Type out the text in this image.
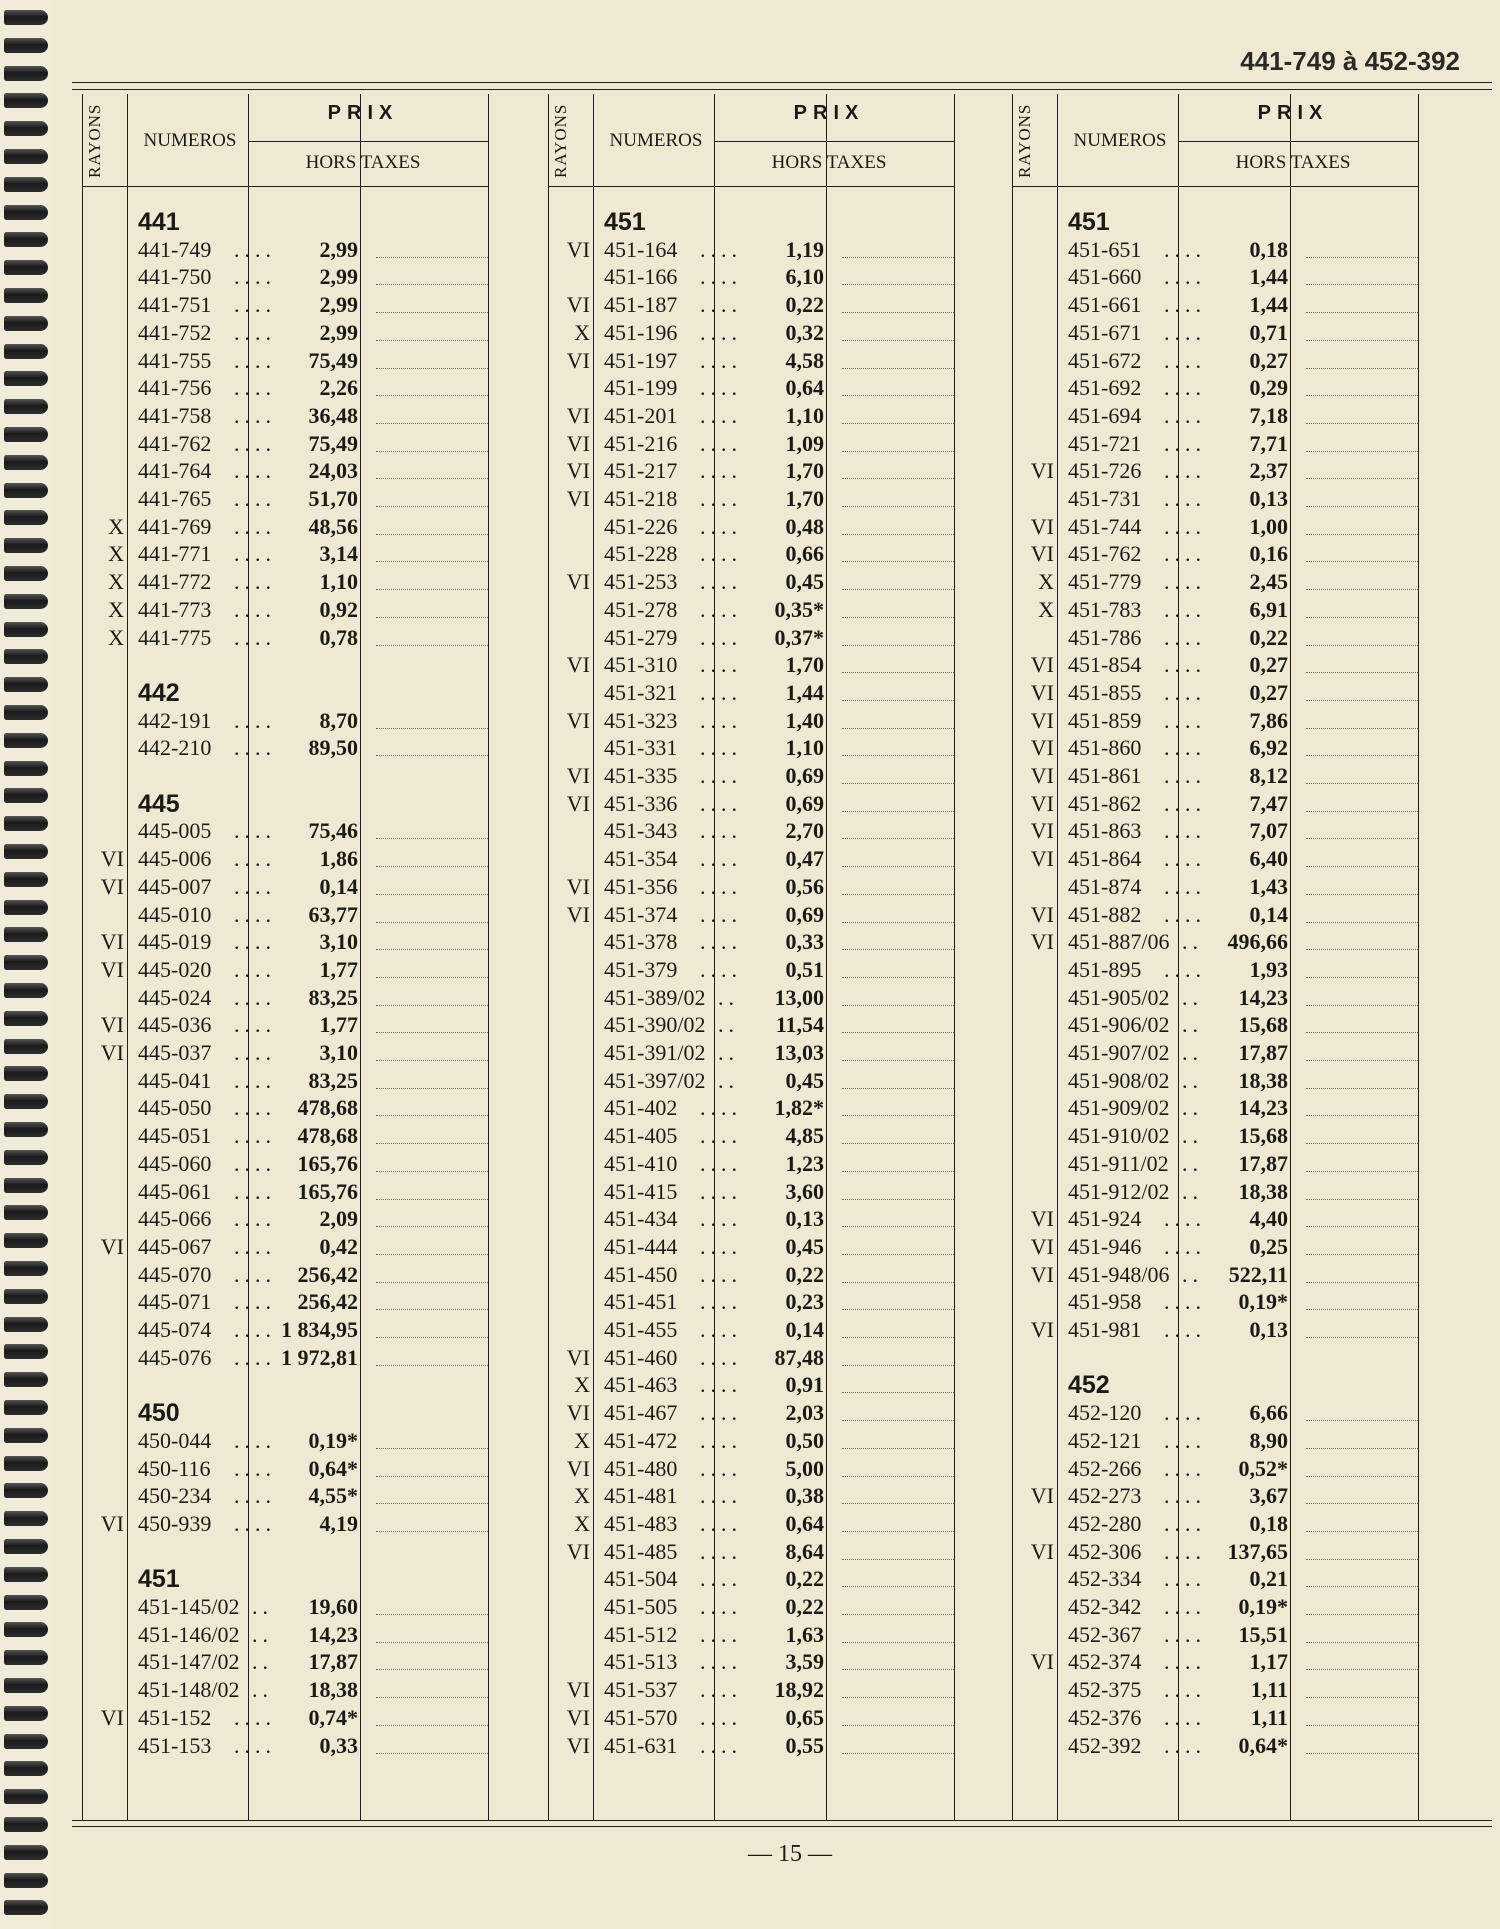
441-749 à 452-392
RAYONS	NUMEROS
PRIX
HORS TAXES
441
441-749 ....	2,99
441-750 ....	2,99
441-751 ....	2,99
441-752 ....	2,99
441-755 ....	75,49
441-756 ....	2,26
441-758 ....	36,48
441-762 ....	75,49
441-764 ....	24,03
441-765 ....	51,70
X 441-769 ....	48,56
X 441-771 ....	3,14
X 441-772 ....	1,10
X 441-773 ....	0,92
X 441-775 ....	0,78
442
442-191 ....	8,70
442-210 ....	89,50
445
445-005 ....	75,46
VI 445-006 ....	1,86
VI 445-007 ....	0,14
445-010 ....	63,77
VI 445-019 ....	3,10
VI 445-020 ....	1,77
445-024 ....	83,25
VI 445-036 ....	1,77
VI 445-037 ....	3,10
445-041 ....	83,25
445-050 .... 478,68
445-051 .... 478,68
445-060 .... 165,76
445-061 .... 165,76
445-066 ....	2,09
VI 445-067 ....	0,42
445-070 .... 256,42
445-071 .... 256,42
445-074 .... 1 834,95
445-076 .... 1 972,81
450
450-044 ....	0,19*
450-116 ....	0,64*
450-234 ....	4,55*
VI 450-939 ....	4,19
451
451-145/02 ..	19,60
451-146/02 ..	14,23
451-147/02 ..	17,87
451-148/02 ..	18,38
VI 451-152 ....	0,74*
451-153 ....	0,33
RAYONS	NUMEROS
PRIX
HORS TAXES
451
VI 451-164 ....	1,19
451-166 ....	6,10
VI 451-187 ....	0,22
X 451-196 ....	0,32
VI 451-197 ....	4,58
451-199 ....	0,64
VI 451-201 ....	1,10
VI 451-216 ....	1,09
VI 451-217 ....	1,70
VI 451-218 ....	1,70
451-226 ....	0,48
451-228 ....	0,66
VI 451-253 ....	0,45
451-278 ....	0,35*
451-279 ....	0,37*
VI 451-310 ....	1,70
451-321 ....	1,44
VI 451-323 ....	1,40
451-331 ....	1,10
VI 451-335 ....	0,69
VI 451-336 ....	0,69
451-343 ....	2,70
451-354 ....	0,47
VI 451-356 ....	0,56
VI 451-374 ....	0,69
451-378 ....	0,33
451-379 ....	0,51
451-389/02 ..	13,00
451-390/02 ..	11,54
451-391/02 ..	13,03
451-397/02 ..	0,45
451-402 ....	1,82*
451-405 ....	4,85
451-410 ....	1,23
451-415 ....	3,60
451-434 ....	0,13
451-444 ....	0,45
451-450 ....	0,22
451-451 ....	0,23
451-455 ....	0,14
VI 451-460 ....	87,48
X 451-463 ....	0,91
VI 451-467 ....	2,03
X 451-472 ....	0,50
VI 451-480 ....	5,00
X 451-481 ....	0,38
X 451-483 ....	0,64
VI 451-485 ....	8,64
451-504 ....	0,22
451-505 ....	0,22
451-512 ....	1,63
451-513 ....	3,59
VI 451-537 ....	18,92
VI 451-570 ....	0,65
VI 451-631 ....	0,55
RAYONS	NUMEROS
PRIX
HORS TAXES
451
451-651 ....	0,18
451-660 ....	1,44
451-661 ....	1,44
451-671 ....	0,71
451-672 ....	0,27
451-692 ....	0,29
451-694 ....	7,18
451-721 ....	7,71
VI 451-726 ....	2,37
451-731 ....	0,13
VI 451-744 ....	1,00
VI 451-762 ....	0,16
X 451-779 ....	2,45
X 451-783 ....	6,91
451-786 ....	0,22
VI 451-854 ....	0,27
VI 451-855 ....	0,27
VI 451-859 ....	7,86
VI 451-860 ....	6,92
VI 451-861 ....	8,12
VI 451-862 ....	7,47
VI 451-863 ....	7,07
VI 451-864 ....	6,40
451-874 ....	1,43
VI 451-882 ....	0,14
VI 451-887/06 ..	496,66
451-895 ....	1,93
451-905/02 ..	14,23
451-906/02 ..	15,68
451-907/02 ..	17,87
451-908/02 ..	18,38
451-909/02 ..	14,23
451-910/02 ..	15,68
451-911/02 ..	17,87
451-912/02 ..	18,38
VI 451-924 ....	4,40
VI 451-946 ....	0,25
VI 451-948/06 ..	522,11
451-958 ....	0,19*
VI 451-981 ....	0,13
452
452-120 ....	6,66
452-121 ....	8,90
452-266 ....	0,52*
VI 452-273 ....	3,67
452-280 ....	0,18
VI 452-306 .... 137,65
452-334 ....	0,21
452-342 ....	0,19*
452-367 ....	15,51
VI 452-374 ....	1,17
452-375 ....	1,11
452-376 ....	1,11
452-392 ....	0,64*
— 15 —
